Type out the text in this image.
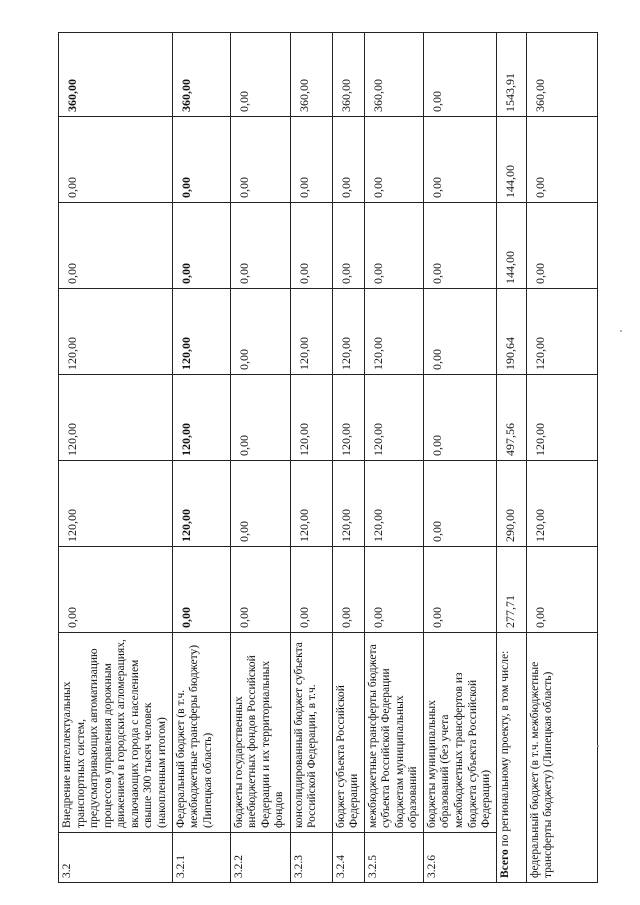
3.2	Внедрение интеллектуальных транспортных систем, предусматривающих автоматизацию процессов управления дорожным движением в городских агломерациях, включающих города с населением свыше 300 тысяч человек (накопленным итогом)	0,00	120,00	120,00	120,00	0,00	0,00	360,00
3.2.1	Федеральный бюджет (в т.ч. межбюджетные трансферы бюджету) (Липецкая область)	0,00	120,00	120,00	120,00	0,00	0,00	360,00
3.2.2	бюджеты государственных внебюджетных фондов Российской Федерации и их территориальных фондов	0,00	0,00	0,00	0,00	0,00	0,00	0,00
3.2.3	консолидированный бюджет субъекта Российской Федерации, в т.ч.	0,00	120,00	120,00	120,00	0,00	0,00	360,00
3.2.4	бюджет субъекта Российской Федерации	0,00	120,00	120,00	120,00	0,00	0,00	360,00
3.2.5	межбюджетные трансферты бюджета субъекта Российской Федерации бюджетам муниципальных образований	0,00	120,00	120,00	120,00	0,00	0,00	360,00
3.2.6	бюджеты муниципальных образований (без учета межбюджетных трансфертов из бюджета субъекта Российской Федерации)	0,00	0,00	0,00	0,00	0,00	0,00	0,00
Всего по региональному проекту, в том числе:		277,71	290,00	497,56	190,64	144,00	144,00	1543,91
федеральный бюджет (в т.ч. межбюджетные трансферты бюджету) (Липецкая область)		0,00	120,00	120,00	120,00	0,00	0,00	360,00
